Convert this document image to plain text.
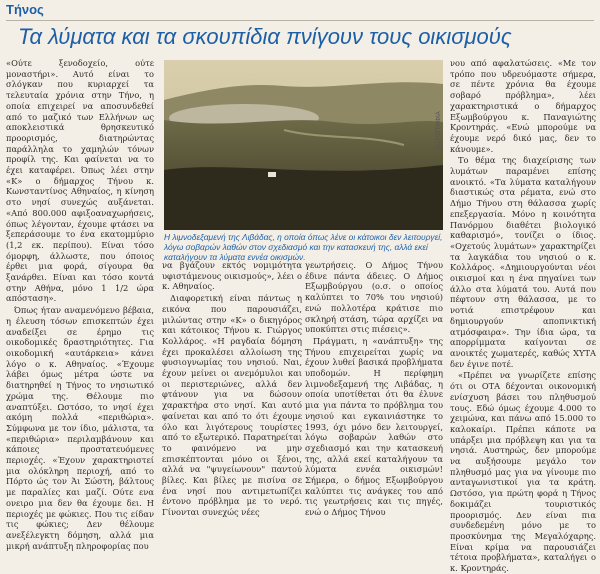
Τήνος
Τα λύματα και τα σκουπίδια πνίγουν τους οικισμούς

«Ούτε ξενοδοχείο, ούτε μοναστήρι». Αυτό είναι το σλόγκαν που κυριαρχεί τα τελευταία χρόνια στην Τήνο, η οποία επιχειρεί να αποσυνδεθεί από το μαζικό των Ελλήνων ως αποκλειστικά θρησκευτικό προορισμός, διατηρώντας παράλληλα το χαμηλών τόνων προφίλ της. Και φαίνεται να το έχει καταφέρει. Όπως λέει στην «Κ» ο δήμαρχος Τήνου κ. Κωνσταντίνος Αθηναίος, η κίνηση στο νησί συνεχώς αυξάνεται. «Από 800.000 αφιξοαναχωρήσεις, όπως λέγονταν, έχουμε φτάσει να ξεπεράσουμε το ένα εκατομμύριο (1,2 εκ. περίπου). Είναι τόσο όμορφη, άλλωστε, που όποιος έρθει μια φορά, σίγουρα θα ξανάρθει. Είναι και τόσο κοντά στην Αθήνα, μόνο 1 1/2 ώρα απόσταση».

Όπως ήταν αναμενόμενο βέβαια, η έλευση τόσων επισκεπτών έχει αναδείξει σε έρημο τις οικοδομικές δραστηριότητες. Για οικοδομική «αυτάρκεια» κάνει λόγο ο κ. Αθηναίος. «Έχουμε λάβει όμως μέτρα ώστε να διατηρηθεί η Τήνος το νησιωτικό χρώμα της. Θέλουμε πιο αναπτύξει. Ωστόσο, το νησί έχει ακόμη πολλά «περιθώρια». Σύμφωνα με τον ίδιο, μάλιστα, τα «περιθώρια» περιλαμβάνουν και κάποιες προστατευόμενες περιοχές. «Έχουν χαρακτηριστεί μια ολόκληρη περιοχή, από το Πόρτο ώς τον Άι Σώστη, βάλτους με παραλίες και μαζί. Ούτε ενα ονειρο μια δεν θα έχουμε δει. Η περιοχές με φώκιες. Που τις είδαν τις φώκιες; Δεν θέλουμε ανεξέλεγκτη δόμηση, αλλά μια μικρή ανάπτυξη πληροφορίας που

ΦΩΤΟΓΡΑΦΙΑ
Η λιμνοδεξαμενή της Λιβάδας, η οποία όπως λένε οι κάτοικοι δεν λειτουργεί, λόγω σοβαρών λαθών στον σχεδιασμό και την κατασκευή της, αλλά εκεί καταλήγουν τα λύματα εννέα οικισμών.

να βγάζουν εκτός νομιμότητα υφιστάμενους οικισμούς», λέει ο κ. Αθηναίος.

Διαφορετική είναι πάντως η εικόνα που παρουσιάζει, μιλώντας στην «Κ» ο δικηγόρος και κάτοικος Τήνου κ. Γιώργος Κολλάρος. «Η ραγδαία δόμηση έχει προκαλέσει αλλοίωση της φυσιογνωμίας του νησιού. Ναι, έχουν μείνει οι ανεμόμυλοι και οι περιστεριώνες, αλλά δεν φτάνουν για να δώσουν χαρακτήρα στο νησί. Και αυτό φαίνεται και από το ότι έχουμε όλο και λιγότερους τουρίστες από το εξωτερικό. Παρατηρείται το φαινόμενο να μην επισκέπτονται μόνο οι ξένοι, αλλά να "ψυγείωνουν" παντού βίλες. Και βίλες με πισίνα σε ένα νησί που αντιμετωπίζει έντονο πρόβλημα με το νερό. Γίνονται συνεχώς νέες

γεωτρήσεις. Ο Δήμος Τήνου έδινε πάντα άδειες. Ο Δήμος Εξωμβούργου (ο.σ. ο οποίος καλύπτει το 70% του νησιού) ενώ πολλοτέρα κράτισε πιο σκληρή στάση, τώρα αρχίζει να υποκύπτει στις πιέσεις».

Πράγματι, η «ανάπτυξη» της Τήνου επιχειρείται χωρίς να έχουν λυθεί βασικά προβλήματα υποδομών. Η περίφημη λιμνοδεξαμενή της Λιβάδας, η οποία υποτίθεται ότι θα έλυνε μια για πάντα το πρόβλημα του νησιού και εγκαινιάστηκε το 1993, όχι μόνο δεν λειτουργεί, λόγω σοβαρών λαθών στο σχεδιασμό και την κατασκευή της, αλλά εκεί καταλήγουν τα λύματα εννέα οικισμών! Σήμερα, ο δήμος Εξωμβούργου καλύπτει τις ανάγκες του από τις γεωτρήσεις και τις πηγές, ενώ ο Δήμος Τήνου

νου από αφαλατώσεις. «Με τον τρόπο που υδρευόμαστε σήμερα, σε πέντε χρόνια θα έχουμε σοβαρό πρόβλημα», λέει χαρακτηριστικά ο δήμαρχος Εξωμβούργου κ. Παναγιώτης Κροντηράς. «Ενώ μπορούμε να έχουμε νερό δικό μας, δεν το κάνουμε».

Το θέμα της διαχείρισης των λυμάτων παραμένει επίσης ανοικτό. «Τα λύματα καταλήγουν διαστικώς στα ρέματα, ενώ στο Δήμο Τήνου στη θάλασσα χωρίς επεξεργασία. Μόνο η κοινότητα Πανόρμου διαθέτει βιολογικό καθαρισμό», τονίζει ο ίδιος. «Οχετούς λυμάτων» χαρακτηρίζει τα λαγκάδια του νησιού ο κ. Κολλάρος. «Δημιουργούνται νέοι οικισμοί και η ένα πηγαίνει των άλλο στα λύματά του. Αυτά που πέφτουν στη θάλασσα, με το νοτιά επιστρέφουν και δημιουργούν αποπνικτική ατμόσφαιρα». Την ίδια ώρα, τα απορρίμματα καίγονται σε ανοικτές χωματερές, καθώς ΧΥΤΑ δεν έγινε ποτέ.

«Πρέπει να γνωρίζετε επίσης ότι οι ΟΤΑ δέχονται οικονομική ενίσχυση βάσει του πληθυσμού τους. Εδώ όμως έχουμε 4.000 το χειμώνα, και πάνω από 15.000 το καλοκαίρι. Πρέπει κάποτε να υπάρξει μια πρόβλεψη και για τα νησιά. Αυστηρώς, δεν μπορούμε να αυξήσουμε μεγάλο τον πληθυσμό μας για να γίνουμε πιο ανταγωνιστικοί για τα κράτη. Ωστόσο, για πρώτη φορά η Τήνος δοκιμάζει τουριστικός προορισμός. Δεν είναι πια συνδεδεμένη μόνο με το προσκύνημα της Μεγαλόχαρης. Είναι κρίμα να παρουσιάζει τέτοια προβλήματα», καταλήγει ο κ. Κροντηράς.
